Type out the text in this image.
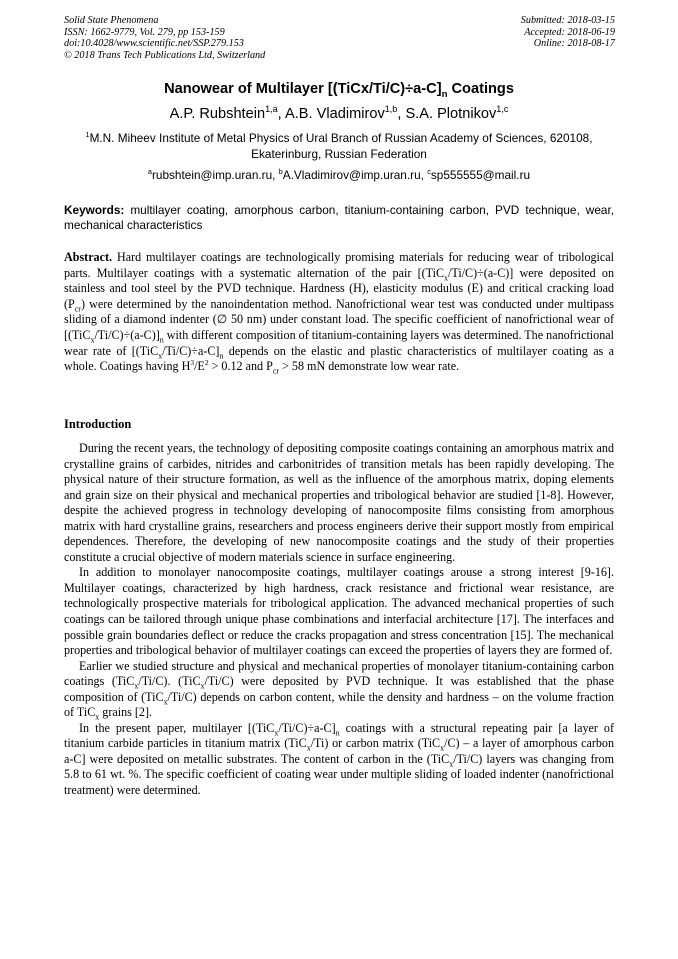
Solid State Phenomena
ISSN: 1662-9779, Vol. 279, pp 153-159
doi:10.4028/www.scientific.net/SSP.279.153
© 2018 Trans Tech Publications Ltd, Switzerland
Submitted: 2018-03-15
Accepted: 2018-06-19
Online: 2018-08-17
Nanowear of Multilayer $[(TiCx/Ti/C)\div a-C]_n$ Coatings
A.P. Rubshtein$^{1,a}$, A.B. Vladimirov$^{1,b}$, S.A. Plotnikov$^{1,c}$
$^1$M.N. Miheev Institute of Metal Physics of Ural Branch of Russian Academy of Sciences, 620108, Ekaterinburg, Russian Federation
$^a$rubshtein@imp.uran.ru, $^b$A.Vladimirov@imp.uran.ru, $^c$sp555555@mail.ru
Keywords: multilayer coating, amorphous carbon, titanium-containing carbon, PVD technique, wear, mechanical characteristics
Abstract. Hard multilayer coatings are technologically promising materials for reducing wear of tribological parts. Multilayer coatings with a systematic alternation of the pair [(TiC$_x$/Ti/C)÷(a-C)] were deposited on stainless and tool steel by the PVD technique. Hardness (H), elasticity modulus (E) and critical cracking load $(P_{cr})$ were determined by the nanoindentation method. Nanofrictional wear test was conducted under multipass sliding of a diamond indenter (∅ 50 nm) under constant load. The specific coefficient of nanofrictional wear of $[(TiC_x/Ti/C)\div(a-C)]_n$ with different composition of titanium-containing layers was determined. The nanofrictional wear rate of $[(TiC_x/Ti/C)\div a-C]_n$ depends on the elastic and plastic characteristics of multilayer coating as a whole. Coatings having $H^3/E^2 > 0.12$ and $P_{cr} > 58$ mN demonstrate low wear rate.
Introduction

During the recent years, the technology of depositing composite coatings containing an amorphous matrix and crystalline grains of carbides, nitrides and carbonitrides of transition metals has been rapidly developing. The physical nature of their structure formation, as well as the influence of the amorphous matrix, doping elements and grain size on their physical and mechanical properties and tribological behavior are studied [1-8]. However, despite the achieved progress in technology developing of nanocomposite films consisting from amorphous matrix with hard crystalline grains, researchers and process engineers derive their support mostly from empirical dependences. Therefore, the developing of new nanocomposite coatings and the study of their properties constitute a crucial objective of modern materials science in surface engineering.

In addition to monolayer nanocomposite coatings, multilayer coatings arouse a strong interest [9-16]. Multilayer coatings, characterized by high hardness, crack resistance and frictional wear resistance, are technologically prospective materials for tribological application. The advanced mechanical properties of such coatings can be tailored through unique phase combinations and interfacial architecture [17]. The interfaces and possible grain boundaries deflect or reduce the cracks propagation and stress concentration [15]. The mechanical properties and tribological behavior of multilayer coatings can exceed the properties of layers they are formed of.

Earlier we studied structure and physical and mechanical properties of monolayer titanium-containing carbon coatings (TiC$_x$/Ti/C). (TiC$_x$/Ti/C) were deposited by PVD technique. It was established that the phase composition of (TiC$_x$/Ti/C) depends on carbon content, while the density and hardness – on the volume fraction of TiC$_x$ grains [2].

In the present paper, multilayer $[(TiC_x/Ti/C)\div a-C]_n$ coatings with a structural repeating pair [a layer of titanium carbide particles in titanium matrix (TiC$_x$/Ti) or carbon matrix (TiC$_x$/C) – a layer of amorphous carbon a-C] were deposited on metallic substrates. The content of carbon in the (TiC$_x$/Ti/C) layers was changing from 5.8 to 61 wt. %. The specific coefficient of coating wear under multiple sliding of loaded indenter (nanofrictional treatment) were determined.
